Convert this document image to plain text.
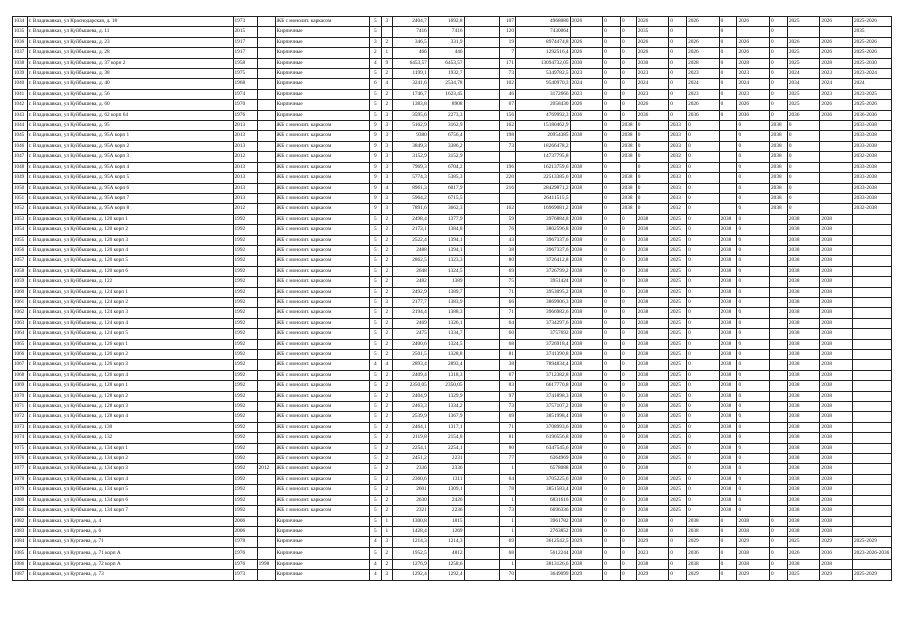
1034	г. Владикавказ, ул Краснодарская, д. 18	1973		ЖБ с монолит. каркасом	5	3	2404,7	1692,8		107	4968080	2026	0	0	2026	0	2026	0	2026	0	2025	2026	2025-2026
1035	г. Владикавказ, ул Куйбышева, д. 11	2015		Кирпичные	5		7416	7416		120	7430064		0	0	2035	0		0		0			2035
1036	г. Владикавказ, ул Куйбышева, д. 23	1917		Кирпичные	3	2	346,5	331,9		19	8974474,8	2026	0	0	2026	0	2026	0	2026	0	2026	2026	2025-2026
1037	г. Владикавказ, ул Куйбышева, д. 28	1917		Кирпичные	2	1	466	446		7	1292516,4	2026	0	0	2026	0	2026	0	2026	0	2025	2026	2025-2026
1038	г. Владикавказ, ул Куйбышева, д. 37 корп 2	1958		Кирпичные	4	9	6453,57	6453,57		171	13094732,05	2030	0	0	2030	0	2028	0	2028	0	2025	2028	2025-2030
1039	г. Владикавказ, ул Куйбышева, д. 38	1975		Кирпичные	5	2	1199,1	1932,7		73	5349782,5	2023	0	0	2023	0	2023	0	2023	0	2024	2023	2023-2024
1040	г. Владикавказ, ул Куйбышева, д. 40	1968		Кирпичные	6	4	3241,6	2534,78		102	9540970,3	2024	0	0	2024	0	2024	0	2024	0	2034	2024	2024
1041	г. Владикавказ, ул Куйбышева, д. 56	1974		Кирпичные	5	2	1746,7	1623,45		46	3172666	2023	0	0	2023	0	2023	0	2023	0	2025	2023	2023-2025
1042	г. Владикавказ, ул Куйбышева, д. 60	1970		Кирпичные	5	2	1383,8	8908		67	2058430	2026	0	0	2026	0	2026	0	2026	0	2025	2026	2025-2026
1043	г. Владикавказ, ул Куйбышева, д. 62 корп 64	1976		Кирпичные	5	3	3595,6	2273,3		156	4769992,3	2036	0	0	2036	0	2036	0	2036	0	2036	2036	2036-2036
1044	г. Владикавказ, ул Куйбышева, д. 95	2013		ЖБ с монолит. каркасом	9	3	5162,9	3162,9		162	15180462,9		0	2038	0	2033	0		0	2038	0		2033-2038
1045	г. Владикавказ, ул Куйбышева, д. 95А корп 1	2013		ЖБ с монолит. каркасом	9	3	9380	6756,4		198	20954385	2038	0	2038	0	2033	0		0	2038	0		2033-2038
1046	г. Владикавказ, ул Куйбышева, д. 95А корп 2	2013		ЖБ с монолит. каркасом	9	3	3849,3	3386,2		73	18266478,2		0	2038	0	2033	0		0	2038	0		2033-2038
1047	г. Владикавказ, ул Куйбышева, д. 95А корп 3	2012		ЖБ с монолит. каркасом	9	3	3152,9	3152,9			14737795,8		0	2038	0	2032	0		0	2038	0		2032-2038
1048	г. Владикавказ, ул Куйбышева, д. 95А корп 4	2013		ЖБ с монолит. каркасом	9	3	7969,3	6704,2		196	16213759,6	2038	0		0	2033	0		0	2038	0		2033-2038
1049	г. Владикавказ, ул Куйбышева, д. 95А корп 5	2013		ЖБ с монолит. каркасом	9	3	5774,3	5385,3		220	22513385,6	2038	0	2038	0	2033	0		0	2038	0		2033-2038
1050	г. Владикавказ, ул Куйбышева, д. 95А корп 6	2013		ЖБ с монолит. каркасом	9	4	8961,3	6017,9		216	28429871,2	2038	0	2038	0	2033	0		0	2038	0		2033-2038
1051	г. Владикавказ, ул Куйбышева, д. 95А корп 7	2013		ЖБ с монолит. каркасом	9	3	5964,2	6715,5			26411515,5		0	2038	0	2033	0		0	2038	0		2033-2038
1052	г. Владикавказ, ул Куйбышева, д. 95А корп 8	2012		ЖБ с монолит. каркасом	9	3	7891,6	3662,3		162	16969081,2	2038	0	2038	0	2032	0		0	2038	0		2032-2038
1053	г. Владикавказ, ул Куйбышева, д. 120 корп 1	1992		ЖБ с монолит. каркасом	5	2	2498,4	1377,9		59	3976884,8	2038	0	0	2038	2025	0	2038	0		2038	2038	
1054	г. Владикавказ, ул Куйбышева, д. 120 корп 2	1992		ЖБ с монолит. каркасом	5	2	2173,1	1384,8		76	3802596,8	2038	0	0	2038	2025	0	2038	0		2038	2038	
1055	г. Владикавказ, ул Куйбышева, д. 120 корп 3	1992		ЖБ с монолит. каркасом	5	2	2522,4	1394,1		43	3967337,6	2038	0	0	2038	2025	0	2038	0		2038	2038	
1056	г. Владикавказ, ул Куйбышева, д. 120 корп 4	1992		ЖБ с монолит. каркасом	5	2	2488	1394,1		38	3967337,6	2038	0	0	2038	2025	0	2038	0		2038	2038	
1057	г. Владикавказ, ул Куйбышева, д. 120 корп 5	1992		ЖБ с монолит. каркасом	5	2	2862,5	1323,3		80	3726412,8	2038	0	0	2038	2025	0	2038	0		2038	2038	
1058	г. Владикавказ, ул Куйбышева, д. 120 корп 6	1992		ЖБ с монолит. каркасом	5	2	2648	1324,5		69	3726799,2	2038	0	0	2038	2025	0	2038	0		2038	2038	
1059	г. Владикавказ, ул Куйбышева, д. 122	1992		ЖБ с монолит. каркасом	5	2	2482	1389		75	3951424	2038	0	0	2038	2025	0	2038	0		2038	2038	
1060	г. Владикавказ, ул Куйбышева, д. 124 корп 1	1992		ЖБ с монолит. каркасом	5	2	2492,9	1389,7		71	3953095,2	2038	0	0	2038	2025	0	2038	0		2038	2038	
1061	г. Владикавказ, ул Куйбышева, д. 124 корп 2	1992		ЖБ с монолит. каркасом	5	3	2177,7	1383,9		66	3869906,3	2038	0	0	2038	2025	0	2038	0		2038	2038	
1062	г. Владикавказ, ул Куйбышева, д. 124 корп 3	1992		ЖБ с монолит. каркасом	5	2	2194,4	1388,3		71	3966982,6	2038	0	0	2038	2025	0	2038	0		2038	2038	
1063	г. Владикавказ, ул Куйбышева, д. 124 корп 4	1992		ЖБ с монолит. каркасом	5	2	2469	1326,1		64	3734297,6	2038	0	0	2038	2025	0	2038	0		2038	2038	
1064	г. Владикавказ, ул Куйбышева, д. 124 корп 5	1992		ЖБ с монолит. каркасом	5	2	2475	1334,7		60	3757692	2038	0	0	2038	2025	0	2038	0		2038	2038	
1065	г. Владикавказ, ул Куйбышева, д. 126 корп 1	1992		ЖБ с монолит. каркасом	5	2	2400,6	1324,5		68	3726918,4	2038	0	0	2038	2025	0	2038	0		2038	2038	
1066	г. Владикавказ, ул Куйбышева, д. 126 корп 2	1992		ЖБ с монолит. каркасом	5	2	2501,5	1328,8		81	3741390,8	2038	0	0	2038	2025	0	2038	0		2038	2038	
1067	г. Владикавказ, ул Куйбышева, д. 126 корп 3	1992		ЖБ с монолит. каркасом	4	4	2893,4	2893,4		38	7894834,4	2038	0	0	2038	2025	0	2038	0		2038	2038	
1068	г. Владикавказ, ул Куйбышева, д. 126 корп 4	1992		ЖБ с монолит. каркасом	5	2	2409,4	1318,3		67	3712382,8	2038	0	0	2038	2025	0	2038	0		2038	2038	
1069	г. Владикавказ, ул Куйбышева, д. 128 корп 1	1992		ЖБ с монолит. каркасом	5	2	2350,05	2350,05		83	6617770,8	2038	0	0	2038	2025	0	2038	0		2038	2038	
1070	г. Владикавказ, ул Куйбышева, д. 128 корп 2	1992		ЖБ с монолит. каркасом	5	2	2404,9	1329,9		97	3741898,3	2038	0	0	2038	2025	0	2038	0		2038	2038	
1071	г. Владикавказ, ул Куйбышева, д. 128 корп 3	1992		ЖБ с монолит. каркасом	5	2	2463,3	1334,2		73	3757107,2	2038	0	0	2038	2025	0	2038	0		2038	2038	
1072	г. Владикавказ, ул Куйбышева, д. 128 корп 4	1992		ЖБ с монолит. каркасом	5	2	2539,9	1367,9		69	3851998,4	2038	0	0	2038	2025	0	2038	0		2038	2038	
1073	г. Владикавказ, ул Куйбышева, д. 130	1992		ЖБ с монолит. каркасом	5	2	2464,1	1317,1		71	3708993,6	2038	0	0	2038	2025	0	2038	0		2038	2038	
1074	г. Владикавказ, ул Куйбышева, д. 132	1992		ЖБ с монолит. каркасом	5	2	2119,8	2154,8		81	6190556,8	2038	0	0	2038	2025	0	2038	0		2038	2038	
1075	г. Владикавказ, ул Куйбышева, д. 134 корп 1	1992		ЖБ с монолит. каркасом	5	2	2254,1	2254,1		80	6347545,6	2038	0	0	2038	2025	0	2038	0		2038	2038	
1076	г. Владикавказ, ул Куйбышева, д. 134 корп 2	1992		ЖБ с монолит. каркасом	5	2	2451,2	2231		77	6364969	2038	0	0	2038	2025	0	2038	0		2038	2038	
1077	г. Владикавказ, ул Куйбышева, д. 134 корп 3	1992	2012	ЖБ с монолит. каркасом	5	2	2336	2336		1	6578088	2038	0	0	2038		0	2038	0		2038	2038	
1078	г. Владикавказ, ул Куйбышева, д. 134 корп 4	1992		ЖБ с монолит. каркасом	5	2	2360,6	1311		64	3705225,6	2038	0	0	2038	2025	0	2038	0		2038	2038	
1079	г. Владикавказ, ул Куйбышева, д. 134 корп 5	1992		ЖБ с монолит. каркасом	5	2	2601	1309,1		78	3851583,4	2038	0	0	2038	2025	0	2038	0		2038	2038	
1080	г. Владикавказ, ул Куйбышева, д. 134 корп 6	1992		ЖБ с монолит. каркасом	5	2	2630	2426		1	6831616	2038	0	0	2038	2025	0	2038	0		2038	2038	
1081	г. Владикавказ, ул Куйбышева, д. 134 корп 7	1992		ЖБ с монолит. каркасом	5	2	2321	2236		73	6696336	2038	0	0	2038	2025	0	2038	0		2038	2038	
1082	г. Владикавказ, ул Куртаева, д. 4	2006		Кирпичные	5	1	1300,8	1815		1	3961782	2038	0	0	2038	0	2038	0	2038	0	2038	2038	
1083	г. Владикавказ, ул Куртаева, д. 6	2006		Кирпичные	5	1	1428,4	1269		1	2763852	2038	0	0	2038	0	2038	0	2038	0	2038	2038	
1084	г. Владикавказ, ул Куртаева, д. 71	1978		Кирпичные	4	3	1214,3	1214,3		69	3612542,5	2029	0	0	2029	0	2029	0	2029	0	2025	2029	2025-2029
1085	г. Владикавказ, ул Куртаева, д. 71 корп А	1976		Кирпичные	5	2	1952,5	4812		68	5612244	2038	0	0	2023	0	2036	0	2038	0	2026	2036	2023-2026-2036
1086	г. Владикавказ, ул Куртаева, д. 72 корп А	1976	1998	Кирпичные	4	2	1276,9	1258,6		1	3813126,6	2038	0	0	2038	0	2038	0	2038	0	2038	2038	
1087	г. Владикавказ, ул Куртаева, д. 73	1973		Кирпичные	4	3	1292,4	1292,4		70	3649099	2029	0	0	2029	0	2029	0	2029	0	2025	2029	2025-2029
